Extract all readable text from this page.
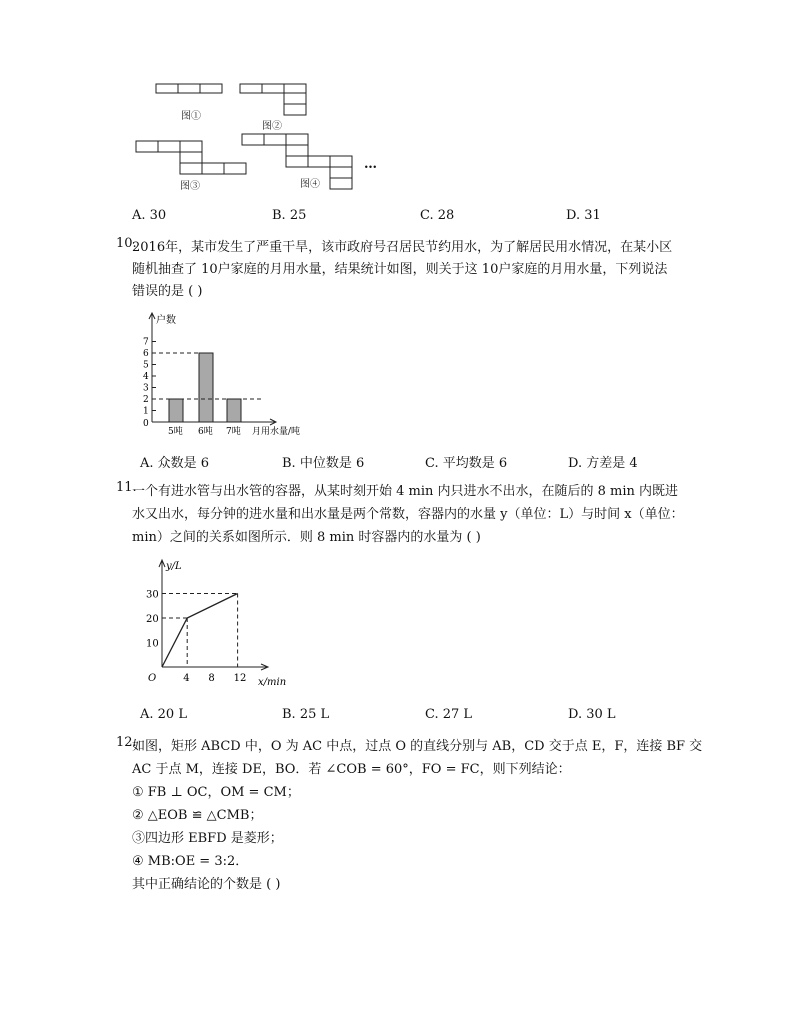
图①
图②
图③	图④
…
A. 30	B. 25	C. 28	D. 31
10.
2016年，某市发生了严重干旱，该市政府号召居民节约用水，为了解居民用水情况，在某小区
随机抽查了 10户家庭的月用水量，结果统计如图，则关于这 10户家庭的月用水量，下列说法
错误的是 ( )
户数
0
月用水量/吨
1
2
3
4
5
6
7
5吨 6吨 7吨
A. 众数是 6	B. 中位数是 6	C. 平均数是 6	D. 方差是 4
11.
一个有进水管与出水管的容器，从某时刻开始 4 min 内只进水不出水，在随后的 8 min 内既进
水又出水，每分钟的进水量和出水量是两个常数，容器内的水量 y（单位：L）与时间 x（单位：
min）之间的关系如图所示．则 8 min 时容器内的水量为 ( )
y/L
x/min
O
10
20
30
4 8 12
A. 20 L	B. 25 L	C. 27 L	D. 30 L
12.
如图，矩形 ABCD 中，O 为 AC 中点，过点 O 的直线分别与 AB，CD 交于点 E，F，连接 BF 交
AC 于点 M，连接 DE，BO．若 ∠COB = 60°，FO = FC，则下列结论：
① FB ⊥ OC，OM = CM；
② △EOB ≌ △CMB；
③四边形 EBFD 是菱形；
④ MB:OE = 3:2．
其中正确结论的个数是 ( )
